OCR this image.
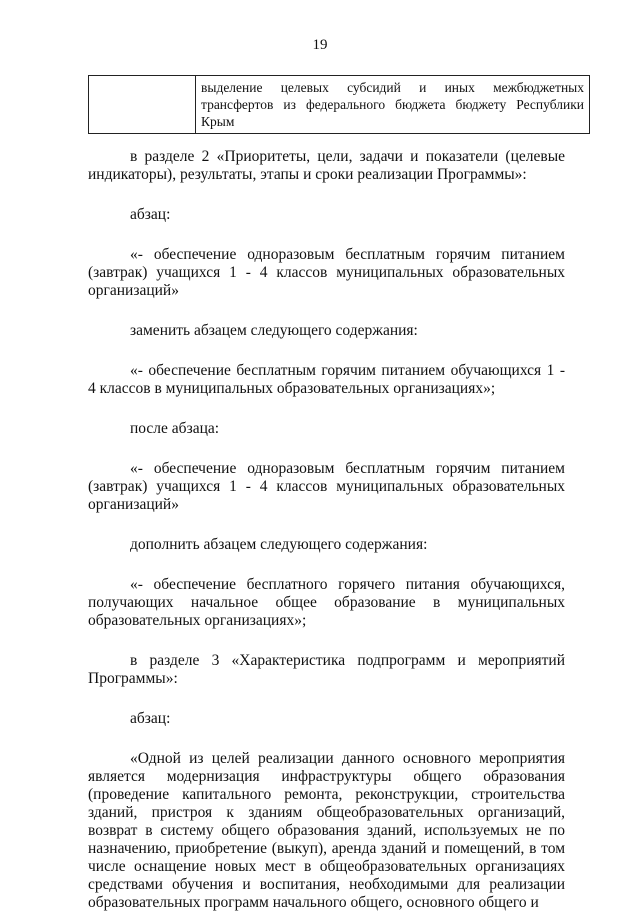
19
	выделение целевых субсидий и иных межбюджетных трансфертов из федерального бюджета бюджету Республики Крым

в разделе 2 «Приоритеты, цели, задачи и показатели (целевые индикаторы), результаты, этапы и сроки реализации Программы»:

абзац:

«- обеспечение одноразовым бесплатным горячим питанием (завтрак) учащихся 1 - 4 классов муниципальных образовательных организаций»

заменить абзацем следующего содержания:

«- обеспечение бесплатным горячим питанием обучающихся 1 - 4 классов в муниципальных образовательных организациях»;

после абзаца:

«- обеспечение одноразовым бесплатным горячим питанием (завтрак) учащихся 1 - 4 классов муниципальных образовательных организаций»

дополнить абзацем следующего содержания:

«- обеспечение бесплатного горячего питания обучающихся, получающих начальное общее образование в муниципальных образовательных организациях»;

в разделе 3 «Характеристика подпрограмм и мероприятий Программы»:

абзац:

«Одной из целей реализации данного основного мероприятия является модернизация инфраструктуры общего образования (проведение капитального ремонта, реконструкции, строительства зданий, пристроя к зданиям общеобразовательных организаций, возврат в систему общего образования зданий, используемых не по назначению, приобретение (выкуп), аренда зданий и помещений, в том числе оснащение новых мест в общеобразовательных организациях средствами обучения и воспитания, необходимыми для реализации образовательных программ начального общего, основного общего и
